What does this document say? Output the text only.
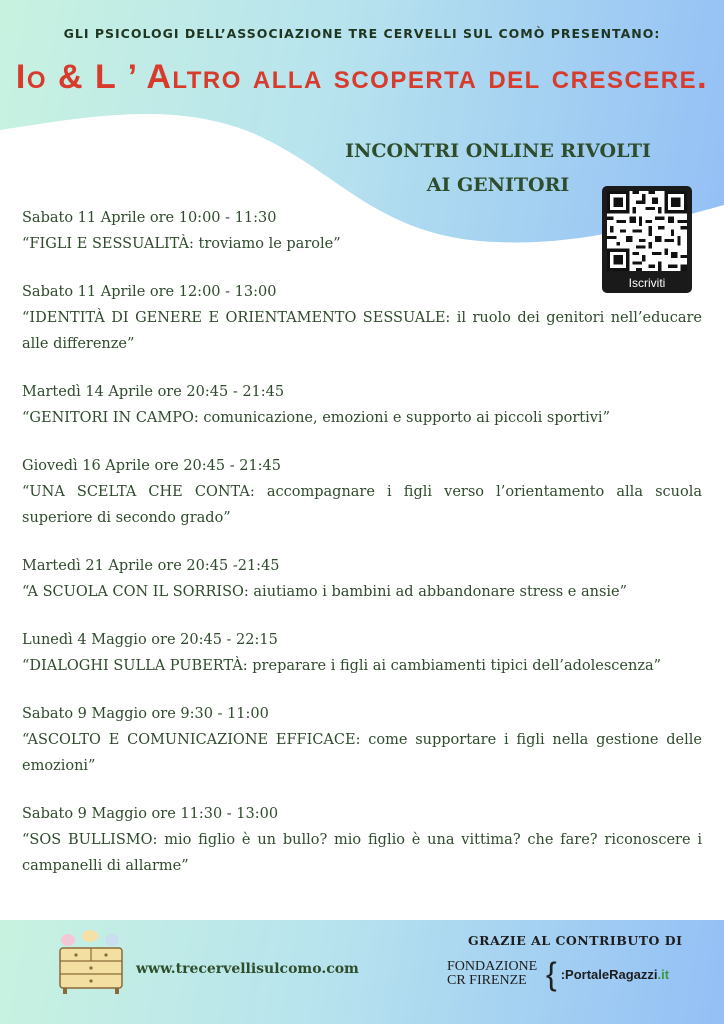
GLI PSICOLOGI DELL’ASSOCIAZIONE TRE CERVELLI SUL COMÒ PRESENTANO:
Io & L ’ Altro alla scoperta del crescere.
INCONTRI ONLINE RIVOLTI
AI GENITORI
Iscriviti
Sabato 11 Aprile ore 10:00 - 11:30
“FIGLI E SESSUALITÀ: troviamo le parole”
Sabato 11 Aprile ore 12:00 - 13:00
“IDENTITÀ DI GENERE E ORIENTAMENTO SESSUALE: il ruolo dei genitori nell’educare alle differenze”
Martedì 14 Aprile ore 20:45 - 21:45
“GENITORI IN CAMPO: comunicazione, emozioni e supporto ai piccoli sportivi”
Giovedì 16 Aprile ore 20:45 - 21:45
“UNA SCELTA CHE CONTA: accompagnare i figli verso l’orientamento alla scuola superiore di secondo grado”
Martedì 21 Aprile ore 20:45 -21:45
“A SCUOLA CON IL SORRISO: aiutiamo i bambini ad abbandonare stress e ansie”
Lunedì 4 Maggio ore 20:45 - 22:15
“DIALOGHI SULLA PUBERTÀ: preparare i figli ai cambiamenti tipici dell’adolescenza”
Sabato 9 Maggio ore 9:30 - 11:00
“ASCOLTO E COMUNICAZIONE EFFICACE: come supportare i figli nella gestione delle emozioni”
Sabato 9 Maggio ore 11:30 - 13:00
“SOS BULLISMO: mio figlio è un bullo? mio figlio è una vittima? che fare? riconoscere i campanelli di allarme”
www.trecervellisulcomo.com
GRAZIE AL CONTRIBUTO DI
FONDAZIONE
CR FIRENZE { :PortaleRagazzi .it
